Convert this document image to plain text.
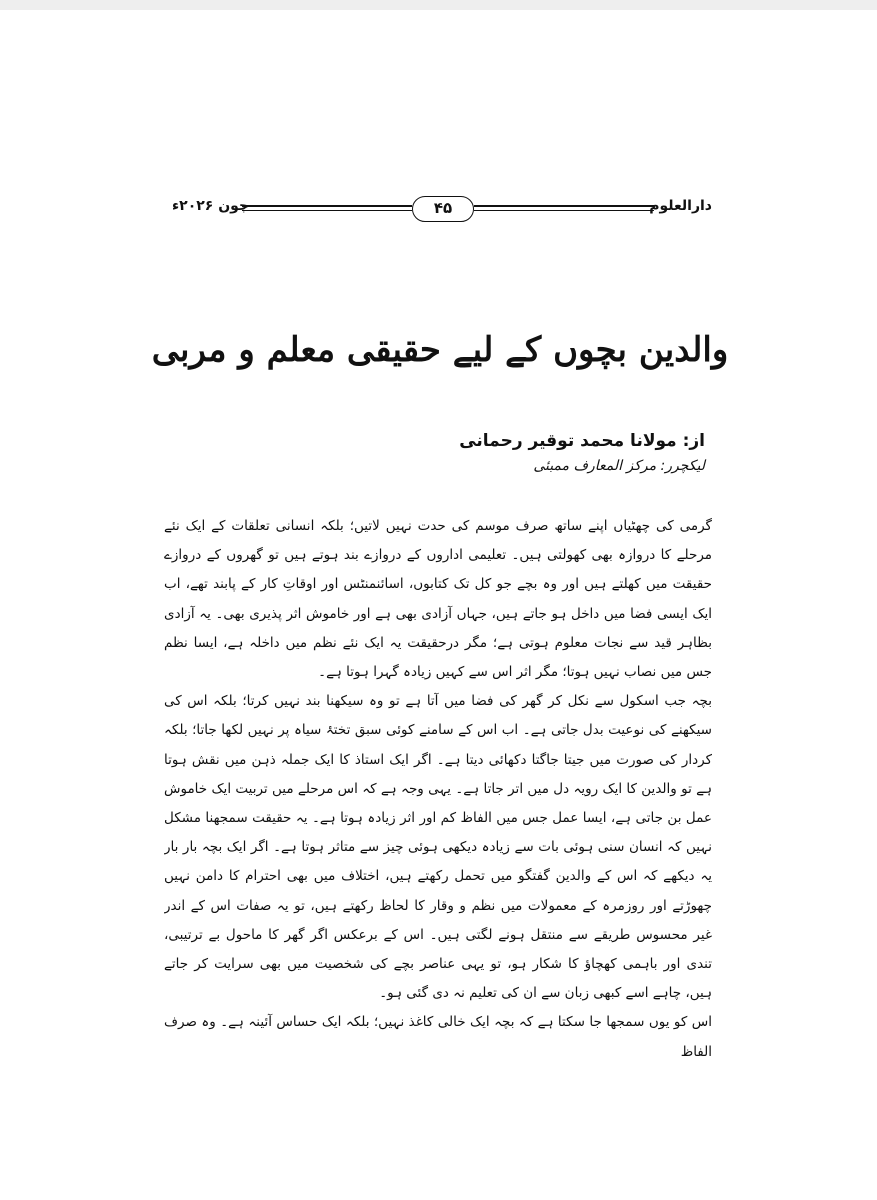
جون ۲۰۲۶ء	۴۵	دارالعلوم
والدین بچوں کے لیے حقیقی معلم و مربی
از: مولانا محمد توقیر رحمانی
لیکچرر: مرکز المعارف ممبئی

گرمی کی چھٹیاں اپنے ساتھ صرف موسم کی حدت نہیں لاتیں؛ بلکہ انسانی تعلقات کے ایک نئے مرحلے کا دروازہ بھی کھولتی ہیں۔ تعلیمی اداروں کے دروازے بند ہوتے ہیں تو گھروں کے دروازے حقیقت میں کھلتے ہیں اور وہ بچے جو کل تک کتابوں، اسائنمنٹس اور اوقاتِ کار کے پابند تھے، اب ایک ایسی فضا میں داخل ہو جاتے ہیں، جہاں آزادی بھی ہے اور خاموش اثر پذیری بھی۔ یہ آزادی بظاہر قید سے نجات معلوم ہوتی ہے؛ مگر درحقیقت یہ ایک نئے نظم میں داخلہ ہے، ایسا نظم جس میں نصاب نہیں ہوتا؛ مگر اثر اس سے کہیں زیادہ گہرا ہوتا ہے۔

بچہ جب اسکول سے نکل کر گھر کی فضا میں آتا ہے تو وہ سیکھنا بند نہیں کرتا؛ بلکہ اس کی سیکھنے کی نوعیت بدل جاتی ہے۔ اب اس کے سامنے کوئی سبق تختۂ سیاہ پر نہیں لکھا جاتا؛ بلکہ کردار کی صورت میں جیتا جاگتا دکھائی دیتا ہے۔ اگر ایک استاذ کا ایک جملہ ذہن میں نقش ہوتا ہے تو والدین کا ایک رویہ دل میں اتر جاتا ہے۔ یہی وجہ ہے کہ اس مرحلے میں تربیت ایک خاموش عمل بن جاتی ہے، ایسا عمل جس میں الفاظ کم اور اثر زیادہ ہوتا ہے۔ یہ حقیقت سمجھنا مشکل نہیں کہ انسان سنی ہوئی بات سے زیادہ دیکھی ہوئی چیز سے متاثر ہوتا ہے۔ اگر ایک بچہ بار بار یہ دیکھے کہ اس کے والدین گفتگو میں تحمل رکھتے ہیں، اختلاف میں بھی احترام کا دامن نہیں چھوڑتے اور روزمرہ کے معمولات میں نظم و وقار کا لحاظ رکھتے ہیں، تو یہ صفات اس کے اندر غیر محسوس طریقے سے منتقل ہونے لگتی ہیں۔ اس کے برعکس اگر گھر کا ماحول بے ترتیبی، تندی اور باہمی کھچاؤ کا شکار ہو، تو یہی عناصر بچے کی شخصیت میں بھی سرایت کر جاتے ہیں، چاہے اسے کبھی زبان سے ان کی تعلیم نہ دی گئی ہو۔

اس کو یوں سمجھا جا سکتا ہے کہ بچہ ایک خالی کاغذ نہیں؛ بلکہ ایک حساس آئینہ ہے۔ وہ صرف الفاظ
